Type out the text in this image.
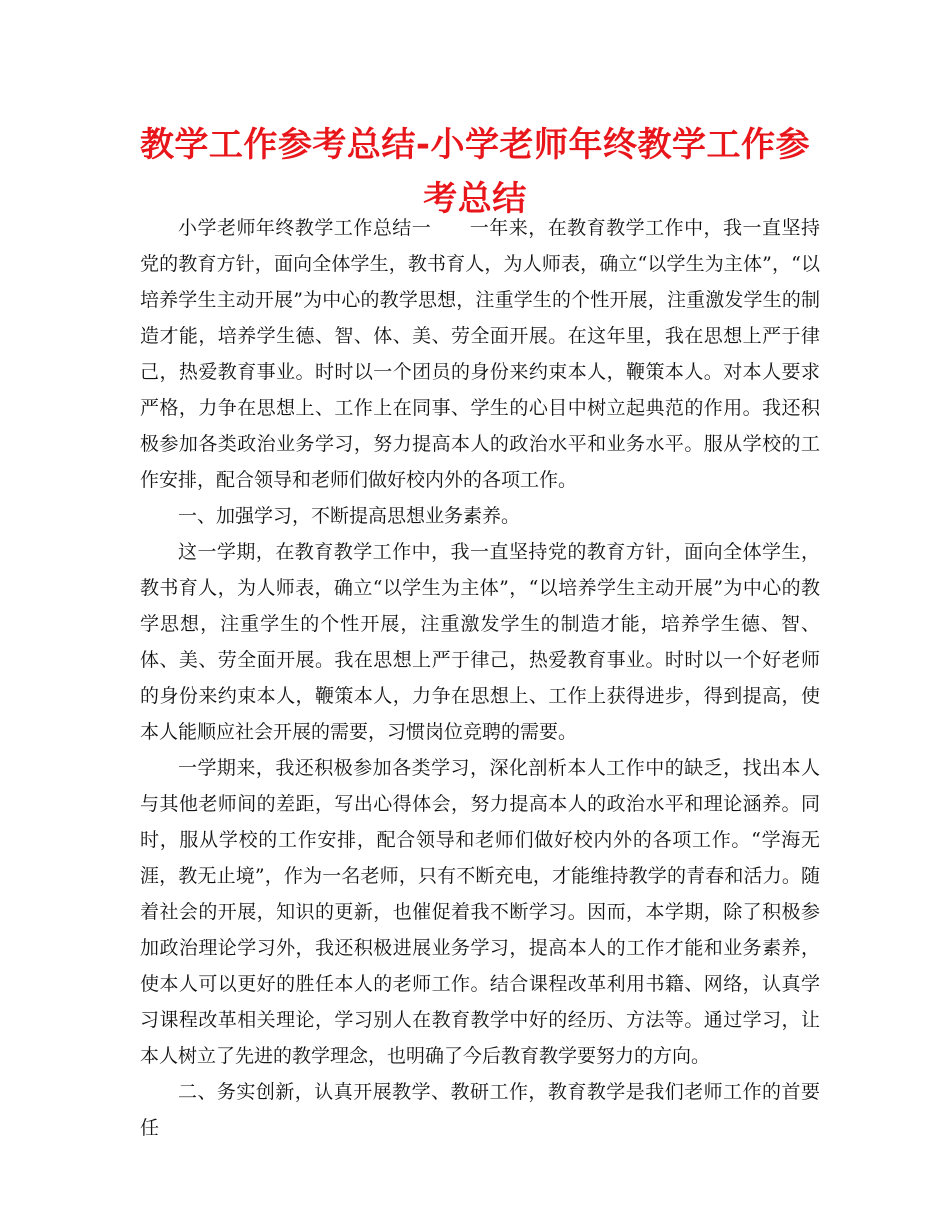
教学工作参考总结-小学老师年终教学工作参考总结

小学老师年终教学工作总结一 一年来，在教育教学工作中，我一直坚持党的教育方针，面向全体学生，教书育人，为人师表，确立“以学生为主体”，“以培养学生主动开展”为中心的教学思想，注重学生的个性开展，注重激发学生的制造才能，培养学生德、智、体、美、劳全面开展。在这年里，我在思想上严于律己，热爱教育事业。时时以一个团员的身份来约束本人，鞭策本人。对本人要求严格，力争在思想上、工作上在同事、学生的心目中树立起典范的作用。我还积极参加各类政治业务学习，努力提高本人的政治水平和业务水平。服从学校的工作安排，配合领导和老师们做好校内外的各项工作。

一、加强学习，不断提高思想业务素养。

这一学期，在教育教学工作中，我一直坚持党的教育方针，面向全体学生，教书育人，为人师表，确立“以学生为主体”，“以培养学生主动开展”为中心的教学思想，注重学生的个性开展，注重激发学生的制造才能，培养学生德、智、体、美、劳全面开展。我在思想上严于律己，热爱教育事业。时时以一个好老师的身份来约束本人，鞭策本人，力争在思想上、工作上获得进步，得到提高，使本人能顺应社会开展的需要，习惯岗位竞聘的需要。

一学期来，我还积极参加各类学习，深化剖析本人工作中的缺乏，找出本人与其他老师间的差距，写出心得体会，努力提高本人的政治水平和理论涵养。同时，服从学校的工作安排，配合领导和老师们做好校内外的各项工作。“学海无涯，教无止境”，作为一名老师，只有不断充电，才能维持教学的青春和活力。随着社会的开展，知识的更新，也催促着我不断学习。因而，本学期，除了积极参加政治理论学习外，我还积极进展业务学习，提高本人的工作才能和业务素养，使本人可以更好的胜任本人的老师工作。结合课程改革利用书籍、网络，认真学习课程改革相关理论，学习别人在教育教学中好的经历、方法等。通过学习，让本人树立了先进的教学理念，也明确了今后教育教学要努力的方向。

二、务实创新，认真开展教学、教研工作，教育教学是我们老师工作的首要任
